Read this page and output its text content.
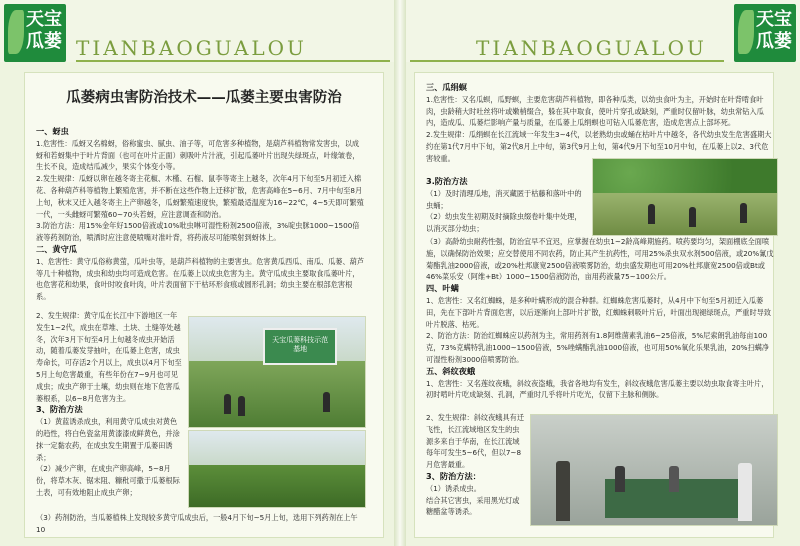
天宝
瓜蒌 TIANBAOGUALOU
瓜蒌病虫害防治技术——瓜蒌主要虫害防治

一、蚜虫

1.危害性：瓜蚜又名棉蚜，俗称蜜虫、腻虫、油子等，可危害多种植物，是葫芦科植物常发害虫，以成蚜和若蚜集中于叶片背面（也可在叶片正面）刺吸叶片汁液，引起瓜蒌叶片出现失绿斑点，叶缘皱卷，生长不良，造成结瓜减少，果实个体变小等。

2.发生规律：瓜蚜以卵在越冬寄主花椒、木槿、石榴、鼠李等寄主上越冬，次年4月下旬至5月初迁入棉花、各种葫芦科等植物上繁殖危害，并不断在这些作物上迁移扩散，危害高峰在5~6月、7月中旬至8月上旬，秋末又迁入越冬寄主上产卵越冬，瓜蚜繁殖速度快，繁殖最适温度为16~22℃，4~5天即可繁殖一代，一头雌蚜可繁殖60~70头若蚜，应注意调查和防治。

3.防治方法：用15%金年好1500倍液或10%吡虫啉可湿性粉剂2500倍液，3%啶虫脒1000~1500倍液等药剂防治，喷洒时应注意使喷嘴对准叶背，将药液尽可能喷射到蚜体上。

二、黄守瓜

1、危害性：黄守瓜俗称黄萤，瓜叶虫等，是葫芦科植物的主要害虫。危害黄瓜西瓜、南瓜、瓜蒌、葫芦等几十种植物，成虫和幼虫均可造成危害。在瓜蒌上以成虫危害为主。黄守瓜成虫主要取食瓜蒌叶片，也危害花和幼果，食叶时咬食叶肉，叶片表面留下干枯环形食痕或圆形孔洞；幼虫主要在根部危害根系。

2、发生规律：黄守瓜在长江中下游地区一年发生1~2代，成虫在草堆、土块、土缝等处越冬，次年3月下旬至4月上旬越冬成虫开始活动，随着瓜蒌发芽抽叶，在瓜蒌上危害，成虫寿命长，可存活2个月以上，成虫以4月下旬至5月上旬危害最重，有些年份在7~9月也可见成虫；成虫产卵于土壤，幼虫则在地下危害瓜蒌根系，以6~8月危害为主。

3、防治方法

（1）黄蓝诱杀成虫，利用黄守瓜成虫对黄色的趋性，将白色瓷盆用黄漆漆成鲜黄色，并涂抹一定黏农药，在成虫发生期置于瓜蒌田诱杀；

（2）减少产卵，在成虫产卵高峰，5~8月份，将草木灰、锯末阻、糠秕可撒于瓜蒌根际土表，可有效地阻止成虫产卵；

（3）药剂防治，当瓜蒌植株上发现较多黄守瓜成虫后，一般4月下旬~5月上旬，选用下列药剂在上午10

天宝瓜蒌科技示范基地
TIANBAOGUALOU
天宝
瓜蒌

三、瓜绢螟

1.危害性：又名瓜螟，瓜野螟，主要危害葫芦科植物，即各种瓜类，以幼虫食叶为主，开始时在叶背啃食叶肉，虫龄稍大时吐丝将叶或嫩梢缀合，躲在其中取食，使叶片穿孔或缺刻，严重时仅留叶脉，幼虫常钻入瓜内，造成瓜、瓜蒌烂影响产量与质量，在瓜蒌上瓜绢螟也可钻入瓜蒌危害，造成危害点上部坏死。

2.发生规律：瓜绢螟在长江流域一年发生3~4代，以老熟幼虫或蛹在枯叶片中越冬，各代幼虫发生危害盛期大约在第1代7月中下旬，第2代8月上中旬，第3代9月上旬，第4代9月下旬至10月中旬，在瓜蒌上以2、3代危害较重。

3.防治方法

（1）及时清理瓜地，消灭藏匿于枯藤和落叶中的虫蛹；

（2）幼虫发生初期及时摘除虫缀卷叶集中处理，以消灭部分幼虫；

（3）高龄幼虫耐药性强，防治宜早不宜迟，应掌握在幼虫1~2龄高峰期施药。喷药要均匀，架面棚底全面喷施，以确保防治效果；应交替使用不同农药，防止其产生抗药性，可用25%杀虫双水剂500倍液，或20%氰戊菊酯乳油2000倍液，或20%杜邦康宽2500倍液喷雾防治，幼虫盛发期也可用20%杜邦康宽2500倍或Bt或46%菜乐安（阿维+Bt）1000~1500倍液防治，亩用药液量75~100公斤。

四、叶螨

1、危害性：又名红蜘蛛，是多种叶螨形成的混合种群。红蜘蛛危害瓜蒌时，从4月中下旬至5月初迁入瓜蒌田，先在下部叶片背面危害，以后逐渐向上部叶片扩散，红蜘蛛刺吸叶片后，叶面出现褪绿斑点，严重时导致叶片脱落、枯死。

2、防治方法：防治红蜘蛛应以药剂为主，常用药剂有1.8阿维菌素乳油6~25倍液，5%尼索朗乳油每亩100克，73%克螨特乳油1000~1500倍液，5%唑螨酯乳油1000倍液，也可用50%氧化乐果乳油，20%扫螨净可湿性粉剂3000倍喷雾防治。

五、斜纹夜蛾

1、危害性：又名莲纹夜蛾，斜纹夜盗蛾，我省各地均有发生，斜纹夜蛾危害瓜蒌主要以幼虫取食寄主叶片，初时啃叶片吃成缺刻、孔洞，严重时几乎将叶片吃光，仅留下主脉和侧脉。

2、发生规律：斜纹夜蛾具有迁飞性，长江流域地区发生的虫源多来自于华南，在长江流域每年可发生5~6代，但以7~8月危害最重。

3、防治方法：

（1）诱杀成虫。

结合其它害虫，采用黑光灯或糖醋盆等诱杀。
